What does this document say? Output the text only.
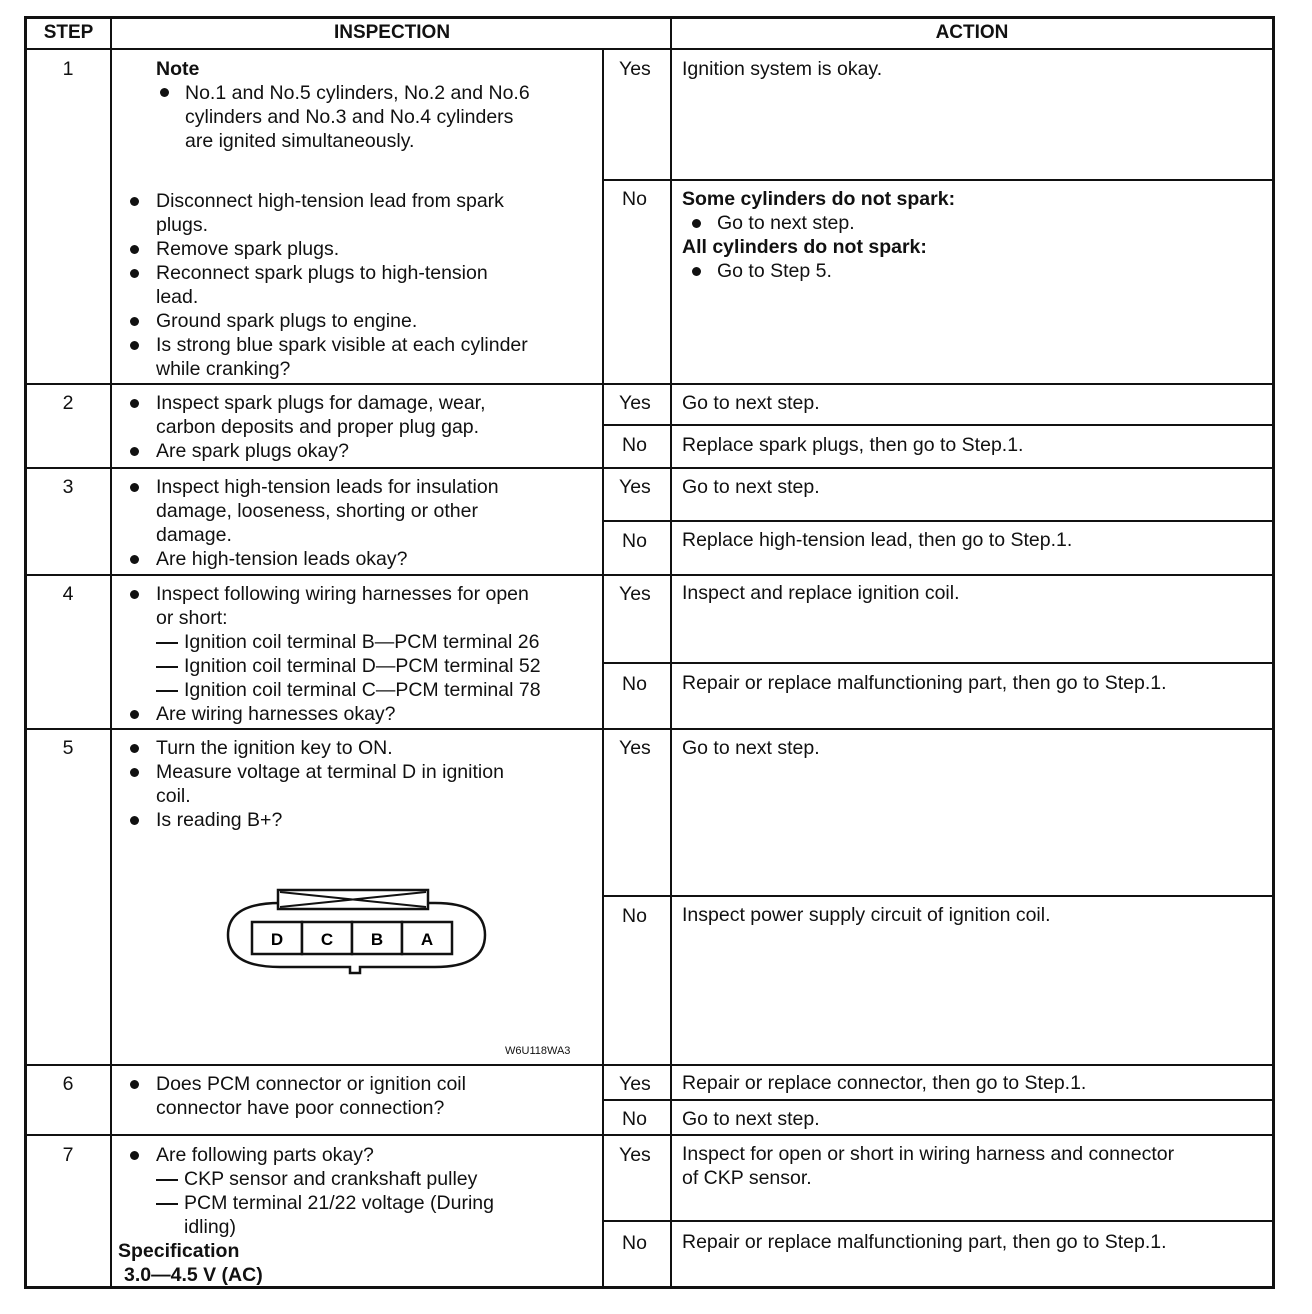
STEP	INSPECTION	ACTION
1	Note
No.1 and No.5 cylinders, No.2 and No.6
cylinders and No.3 and No.4 cylinders
are ignited simultaneously.
Disconnect high-tension lead from spark
plugs.
Remove spark plugs.
Reconnect spark plugs to high-tension
lead.
Ground spark plugs to engine.
Is strong blue spark visible at each cylinder
while cranking?
Yes Ignition system is okay.
No Some cylinders do not spark:
Go to next step.
All cylinders do not spark:
Go to Step 5.
2	Inspect spark plugs for damage, wear,
carbon deposits and proper plug gap.
Are spark plugs okay?
Yes Go to next step.
No Replace spark plugs, then go to Step.1.
3	Inspect high-tension leads for insulation
damage, looseness, shorting or other
damage.
Are high-tension leads okay?
Yes Go to next step.
No Replace high-tension lead, then go to Step.1.
4	Inspect following wiring harnesses for open
or short:
Ignition coil terminal B—PCM terminal 26
Ignition coil terminal D—PCM terminal 52
Ignition coil terminal C—PCM terminal 78
Are wiring harnesses okay?
Yes Inspect and replace ignition coil.
No Repair or replace malfunctioning part, then go to Step.1.
5	Turn the ignition key to ON.
Measure voltage at terminal D in ignition
coil.
Is reading B+?
D C B A
W6U118WA3
Yes Go to next step.
No Inspect power supply circuit of ignition coil.
6	Does PCM connector or ignition coil
connector have poor connection?
Yes Repair or replace connector, then go to Step.1.
No Go to next step.
7	Are following parts okay?
CKP sensor and crankshaft pulley
PCM terminal 21/22 voltage (During
idling)
Specification
3.0—4.5 V (AC)
Yes Inspect for open or short in wiring harness and connector
of CKP sensor.
No Repair or replace malfunctioning part, then go to Step.1.
